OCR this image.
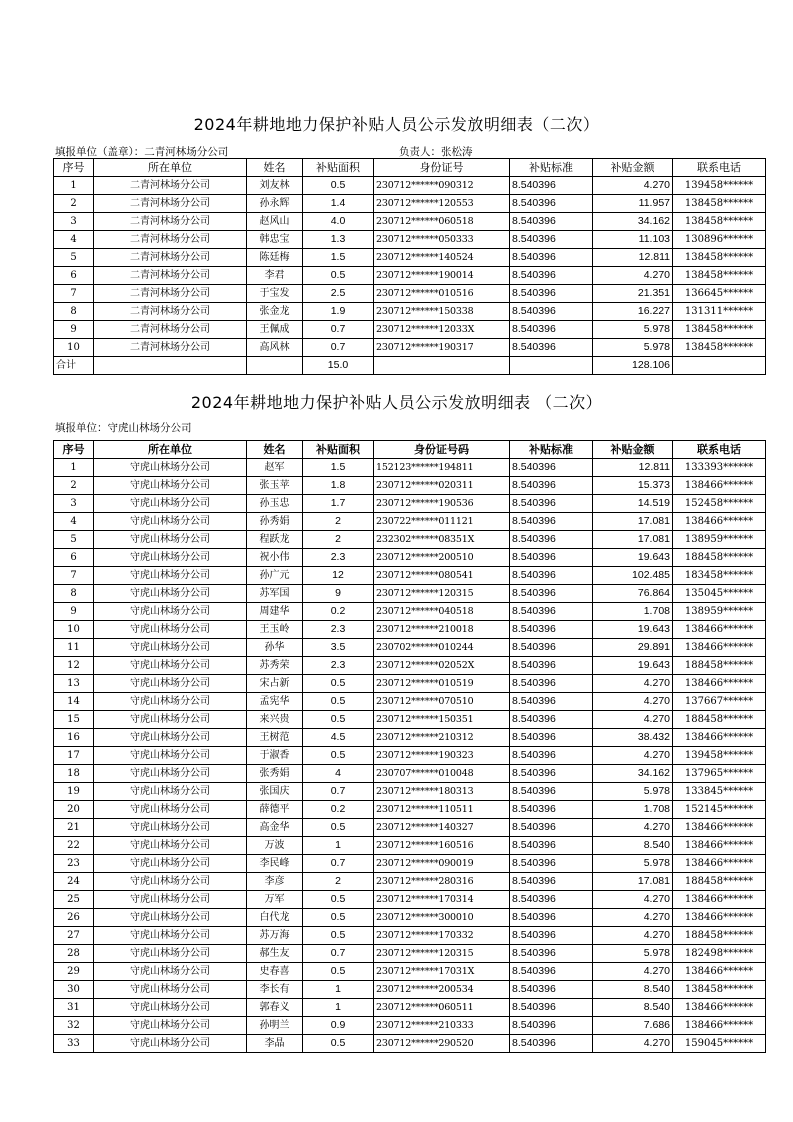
2024年耕地地力保护补贴人员公示发放明细表（二次）
填报单位（盖章）：二青河林场分公司	负责人：张松涛
序号	所在单位	姓名	补贴面积	身份证号	补贴标准	补贴金额	联系电话
1	二青河林场分公司	刘友林	0.5	230712******090312	8.540396	4.270	139458******
2	二青河林场分公司	孙永辉	1.4	230712******120553	8.540396	11.957	138458******
3	二青河林场分公司	赵风山	4.0	230712******060518	8.540396	34.162	138458******
4	二青河林场分公司	韩忠宝	1.3	230712******050333	8.540396	11.103	130896******
5	二青河林场分公司	陈廷梅	1.5	230712******140524	8.540396	12.811	138458******
6	二青河林场分公司	李君	0.5	230712******190014	8.540396	4.270	138458******
7	二青河林场分公司	于宝发	2.5	230712******010516	8.540396	21.351	136645******
8	二青河林场分公司	张金龙	1.9	230712******150338	8.540396	16.227	131311******
9	二青河林场分公司	王佩成	0.7	230712******12033X	8.540396	5.978	138458******
10	二青河林场分公司	高风林	0.7	230712******190317	8.540396	5.978	138458******
合计			15.0			128.106	
2024年耕地地力保护补贴人员公示发放明细表 （二次）
填报单位：守虎山林场分公司
序号	所在单位	姓名	补贴面积	身份证号码	补贴标准	补贴金额	联系电话
1	守虎山林场分公司	赵军	1.5	152123******194811	8.540396	12.811	133393******
2	守虎山林场分公司	张玉苹	1.8	230712******020311	8.540396	15.373	138466******
3	守虎山林场分公司	孙玉忠	1.7	230712******190536	8.540396	14.519	152458******
4	守虎山林场分公司	孙秀娟	2	230722******011121	8.540396	17.081	138466******
5	守虎山林场分公司	程跃龙	2	232302******08351X	8.540396	17.081	138959******
6	守虎山林场分公司	祝小伟	2.3	230712******200510	8.540396	19.643	188458******
7	守虎山林场分公司	孙广元	12	230712******080541	8.540396	102.485	183458******
8	守虎山林场分公司	苏军国	9	230712******120315	8.540396	76.864	135045******
9	守虎山林场分公司	周建华	0.2	230712******040518	8.540396	1.708	138959******
10	守虎山林场分公司	王玉岭	2.3	230712******210018	8.540396	19.643	138466******
11	守虎山林场分公司	孙华	3.5	230702******010244	8.540396	29.891	138466******
12	守虎山林场分公司	苏秀荣	2.3	230712******02052X	8.540396	19.643	188458******
13	守虎山林场分公司	宋占新	0.5	230712******010519	8.540396	4.270	138466******
14	守虎山林场分公司	孟宪华	0.5	230712******070510	8.540396	4.270	137667******
15	守虎山林场分公司	来兴贵	0.5	230712******150351	8.540396	4.270	188458******
16	守虎山林场分公司	王树范	4.5	230712******210312	8.540396	38.432	138466******
17	守虎山林场分公司	于淑香	0.5	230712******190323	8.540396	4.270	139458******
18	守虎山林场分公司	张秀娟	4	230707******010048	8.540396	34.162	137965******
19	守虎山林场分公司	张国庆	0.7	230712******180313	8.540396	5.978	133845******
20	守虎山林场分公司	薛德平	0.2	230712******110511	8.540396	1.708	152145******
21	守虎山林场分公司	高金华	0.5	230712******140327	8.540396	4.270	138466******
22	守虎山林场分公司	万波	1	230712******160516	8.540396	8.540	138466******
23	守虎山林场分公司	李民峰	0.7	230712******090019	8.540396	5.978	138466******
24	守虎山林场分公司	李彦	2	230712******280316	8.540396	17.081	188458******
25	守虎山林场分公司	万军	0.5	230712******170314	8.540396	4.270	138466******
26	守虎山林场分公司	白代龙	0.5	230712******300010	8.540396	4.270	138466******
27	守虎山林场分公司	苏万海	0.5	230712******170332	8.540396	4.270	188458******
28	守虎山林场分公司	郝生友	0.7	230712******120315	8.540396	5.978	182498******
29	守虎山林场分公司	史春喜	0.5	230712******17031X	8.540396	4.270	138466******
30	守虎山林场分公司	李长有	1	230712******200534	8.540396	8.540	138458******
31	守虎山林场分公司	郭春义	1	230712******060511	8.540396	8.540	138466******
32	守虎山林场分公司	孙明兰	0.9	230712******210333	8.540396	7.686	138466******
33	守虎山林场分公司	李晶	0.5	230712******290520	8.540396	4.270	159045******
